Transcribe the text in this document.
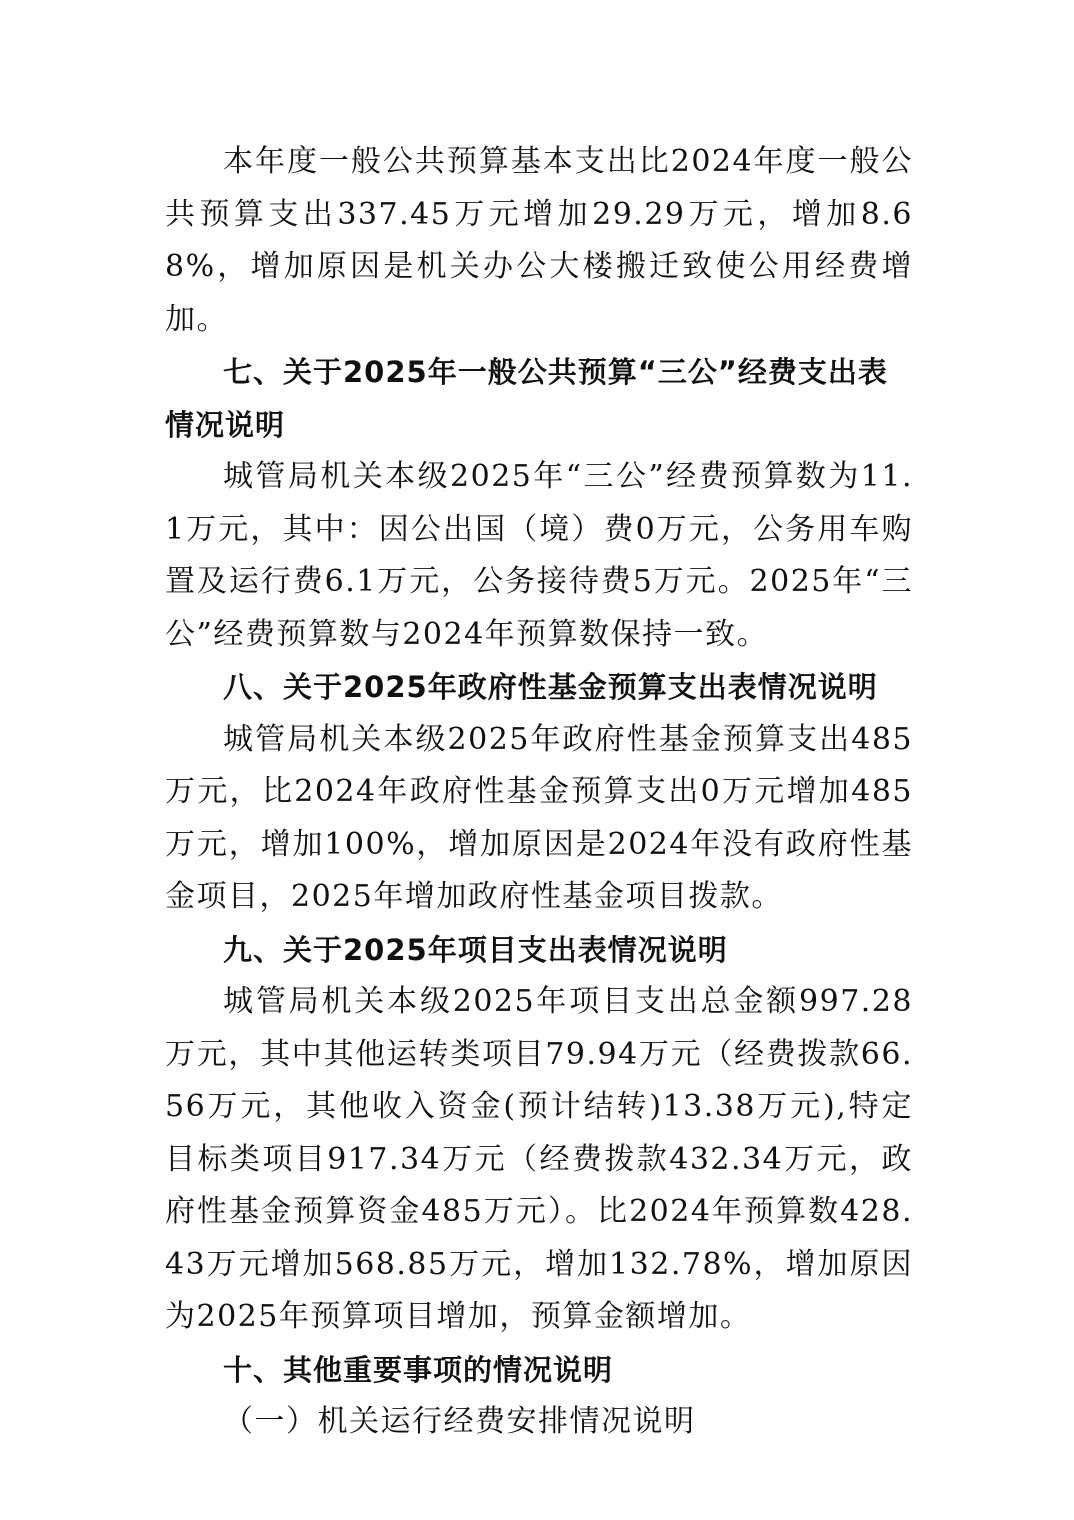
本年度一般公共预算基本支出比2024年度一般公共预算支出337.45万元增加29.29万元，增加8.68%，增加原因是机关办公大楼搬迁致使公用经费增加。

七、关于2025年一般公共预算“三公”经费支出表情况说明

城管局机关本级2025年“三公”经费预算数为11.1万元，其中：因公出国（境）费0万元，公务用车购置及运行费6.1万元，公务接待费5万元。2025年“三公”经费预算数与2024年预算数保持一致。

八、关于2025年政府性基金预算支出表情况说明

城管局机关本级2025年政府性基金预算支出485万元，比2024年政府性基金预算支出0万元增加485万元，增加100%，增加原因是2024年没有政府性基金项目，2025年增加政府性基金项目拨款。

九、关于2025年项目支出表情况说明

城管局机关本级2025年项目支出总金额997.28万元，其中其他运转类项目79.94万元（经费拨款66.56万元，其他收入资金(预计结转)13.38万元),特定目标类项目917.34万元（经费拨款432.34万元，政府性基金预算资金485万元）。比2024年预算数428.43万元增加568.85万元，增加132.78%，增加原因为2025年预算项目增加，预算金额增加。

十、其他重要事项的情况说明

（一）机关运行经费安排情况说明
